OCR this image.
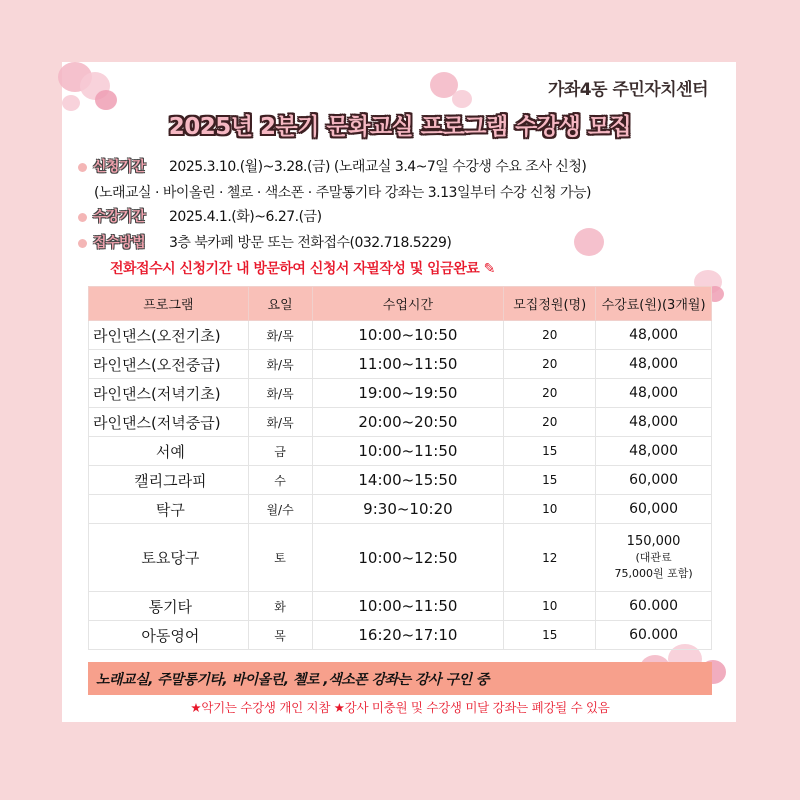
가좌4동 주민자치센터
2025년 2분기 문화교실 프로그램 수강생 모집
신청기간 2025.3.10.(월)~3.28.(금) (노래교실 3.4~7일 수강생 수요 조사 신청)
(노래교실 · 바이올린 · 첼로 · 색소폰 · 주말통기타 강좌는 3.13일부터 수강 신청 가능)
수강기간 2025.4.1.(화)~6.27.(금)
접수방법 3층 북카페 방문 또는 전화접수(032.718.5229)
전화접수시 신청기간 내 방문하여 신청서 자필작성 및 입금완료 ✎
프로그램	요일	수업시간	모집정원(명)	수강료(원)(3개월)
라인댄스(오전기초)	화/목	10:00~10:50	20	48,000
라인댄스(오전중급)	화/목	11:00~11:50	20	48,000
라인댄스(저녁기초)	화/목	19:00~19:50	20	48,000
라인댄스(저녁중급)	화/목	20:00~20:50	20	48,000
서예	금	10:00~11:50	15	48,000
캘리그라피	수	14:00~15:50	15	60,000
탁구	월/수	9:30~10:20	10	60,000
토요당구	토	10:00~12:50	12	150,000
(대관료
75,000원 포함)

통기타	화	10:00~11:50	10	60.000
아동영어	목	16:20~17:10	15	60.000
노래교실, 주말통기타, 바이올린, 첼로 ,색소폰 강좌는 강사 구인 중
★악기는 수강생 개인 지참 ★강사 미충원 및 수강생 미달 강좌는 폐강될 수 있음
